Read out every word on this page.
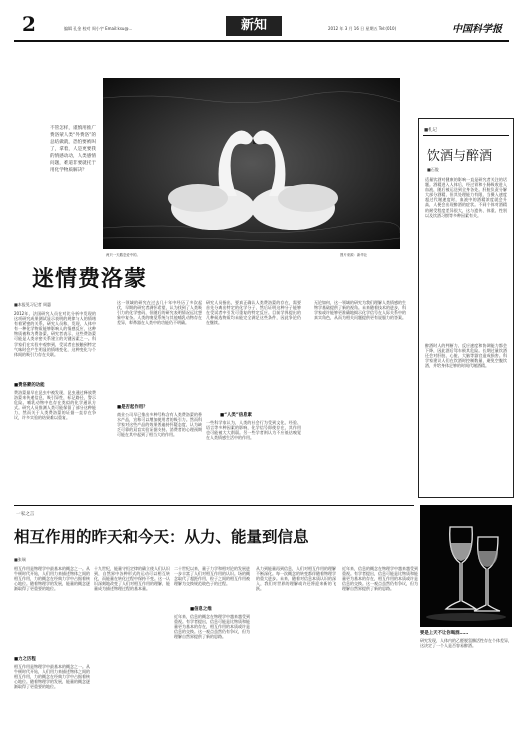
2	编辑 孔金 校对 周小宇 Email:ksu@...	新知	2012 年 3 月 16 日 星期五 Tel:(010)	中国科学报
不管怎样，谨慎用推广费洛蒙人类“外费洛”的总结做就，恐怕要被叫了，拿着，人是更要我的情感动动，人类感情问题，难道非要就托于用化学物质解决？
两只一天鹅恋爱中的。	图片来源：新华社
迷情费洛蒙
■本报见习记者 周惠
2012年，法国研究人员在对比分析中发现的这项研究成果测试显示表明的规律与人的情绪有着紧密的关系。研究人员称，发现，人体中有一种化学物质能够影响人的情感反应，这种物质被称为费洛蒙。研究者表示，这些费洛蒙可能是人类亲密关系建立的关键因素之一。科学家们在实验中观察到，受试者在接触到特定气味时会产生明显的情绪变化，这种变化与个体间的吸引力存在关联。
■费洛蒙的功能
费洛蒙最早在昆虫中被发现，昆虫通过释放费洛蒙来传递信息，吸引异性，标记路径，警示危险。哺乳动物中也存在类似的化学通讯方式。研究人员推测人类可能保留了部分这种能力，然而关于人类费洛蒙的证据一直存在争议，许多实验的结果难以重复。
这一领域的研究在过去几十年中经历了多次起伏，早期的研究者满怀希望，认为找到了人类吸引力的化学密码，但随后的研究表明情况远比想象中复杂。人类的嗅觉系统与其他哺乳动物存在差异，犁鼻器在人类中的功能仍不明确。
■是否起作用？
商业公司早已推出多种号称含有人类费洛蒙的香水产品，宣称可以增加使用者的吸引力。然而科学家对这些产品的效果普遍持怀疑态度，认为缺乏可靠的双盲实验证据支持。消费者的心理预期可能在其中起到了相当大的作用。
研究人员指出，要真正确认人类费洛蒙的存在，需要首先分离出特定的化学分子，然后证明这种分子能够在受试者中引发可重复的特定反应。目前学界提出的几种候选物质均未能完全满足这些条件，因此争论仍在继续。
■“人类”信息素
一些科学家认为，人类的社会行为受到文化、经验、语言等多种因素的影响，化学信号即使存在，其作用也可能被大大削弱。另一些学者则认为不应低估嗅觉在人类情感生活中的作用。
无论如何，这一领域的研究为我们理解人类情感的生物学基础提供了新的视角。未来随着技术的进步，科学家或许能够更准确地揭示化学信号在人际关系中的真实角色，从而为相关问题提供更有说服力的答案。
■札记
饮酒与醉酒
■石俊
适量饮酒对健康的影响一直是研究者关注的话题。酒精进入人体后，经过胃和小肠吸收进入血液，随后被运送到全身各处。肝脏负责分解大部分酒精，但其处理能力有限，当摄入速度超过代谢速度时，血液中的酒精浓度就会升高，人便会出现醉酒的症状。不同个体对酒精的耐受程度差异很大，这与遗传、体重、性别以及饮酒习惯等多种因素有关。
醉酒时人的判断力、反应速度和协调能力都会下降，因此酒后驾车极其危险。长期过量饮酒还会对肝脏、心脏、大脑等器官造成损害。科学家建议人们在饮酒时控制数量，避免空腹饮酒，并给身体足够的时间代谢酒精。
一家之言
相互作用的昨天和今天：从力、能量到信息
■张瑞
相互作用是物理学中最基本的概念之一。从牛顿时代开始，人们用力来描述物体之间的相互作用，力的概念在经典力学中占据着核心地位。随着物理学的发展，能量的概念逐渐取得了更重要的地位。
■力之历程
相互作用是物理学中最基本的概念之一。从牛顿时代开始，人们用力来描述物体之间的相互作用，力的概念在经典力学中占据着核心地位。随着物理学的发展，能量的概念逐渐取得了更重要的地位。
十九世纪，能量守恒定律的确立使人们认识到，自然界中各种形式的运动可以相互转化，而能量在转化过程中保持不变。这一认识深刻地改变了人们对相互作用的理解，能量成为描述物理过程的基本量。
二十世纪以来，量子力学和相对论的发展进一步丰富了人们对相互作用的认识。场的概念取代了超距作用，粒子之间的相互作用被理解为交换规范玻色子的过程。
■信息之维
近年来，信息的概念在物理学中越来越受到重视。有学者提出，信息可能是比物质和能量更为基本的存在，相互作用的本质或许是信息的交换。这一观点虽然仍有争议，但为理解自然界提供了新的思路。
从力到能量再到信息，人们对相互作用的理解不断深化。每一次概念的转变都伴随着物理学的重大进步。未来，随着对信息本质认识的深入，我们对世界的理解或许还将迎来新的飞跃。
近年来，信息的概念在物理学中越来越受到重视。有学者提出，信息可能是比物质和能量更为基本的存在，相互作用的本质或许是信息的交换。这一观点虽然仍有争议，但为理解自然界提供了新的思路。
要是上天不让你喝酒……
研究发现，人体内的乙醛脱氢酶活性存在个体差异，这决定了一个人是否容易醉酒。
